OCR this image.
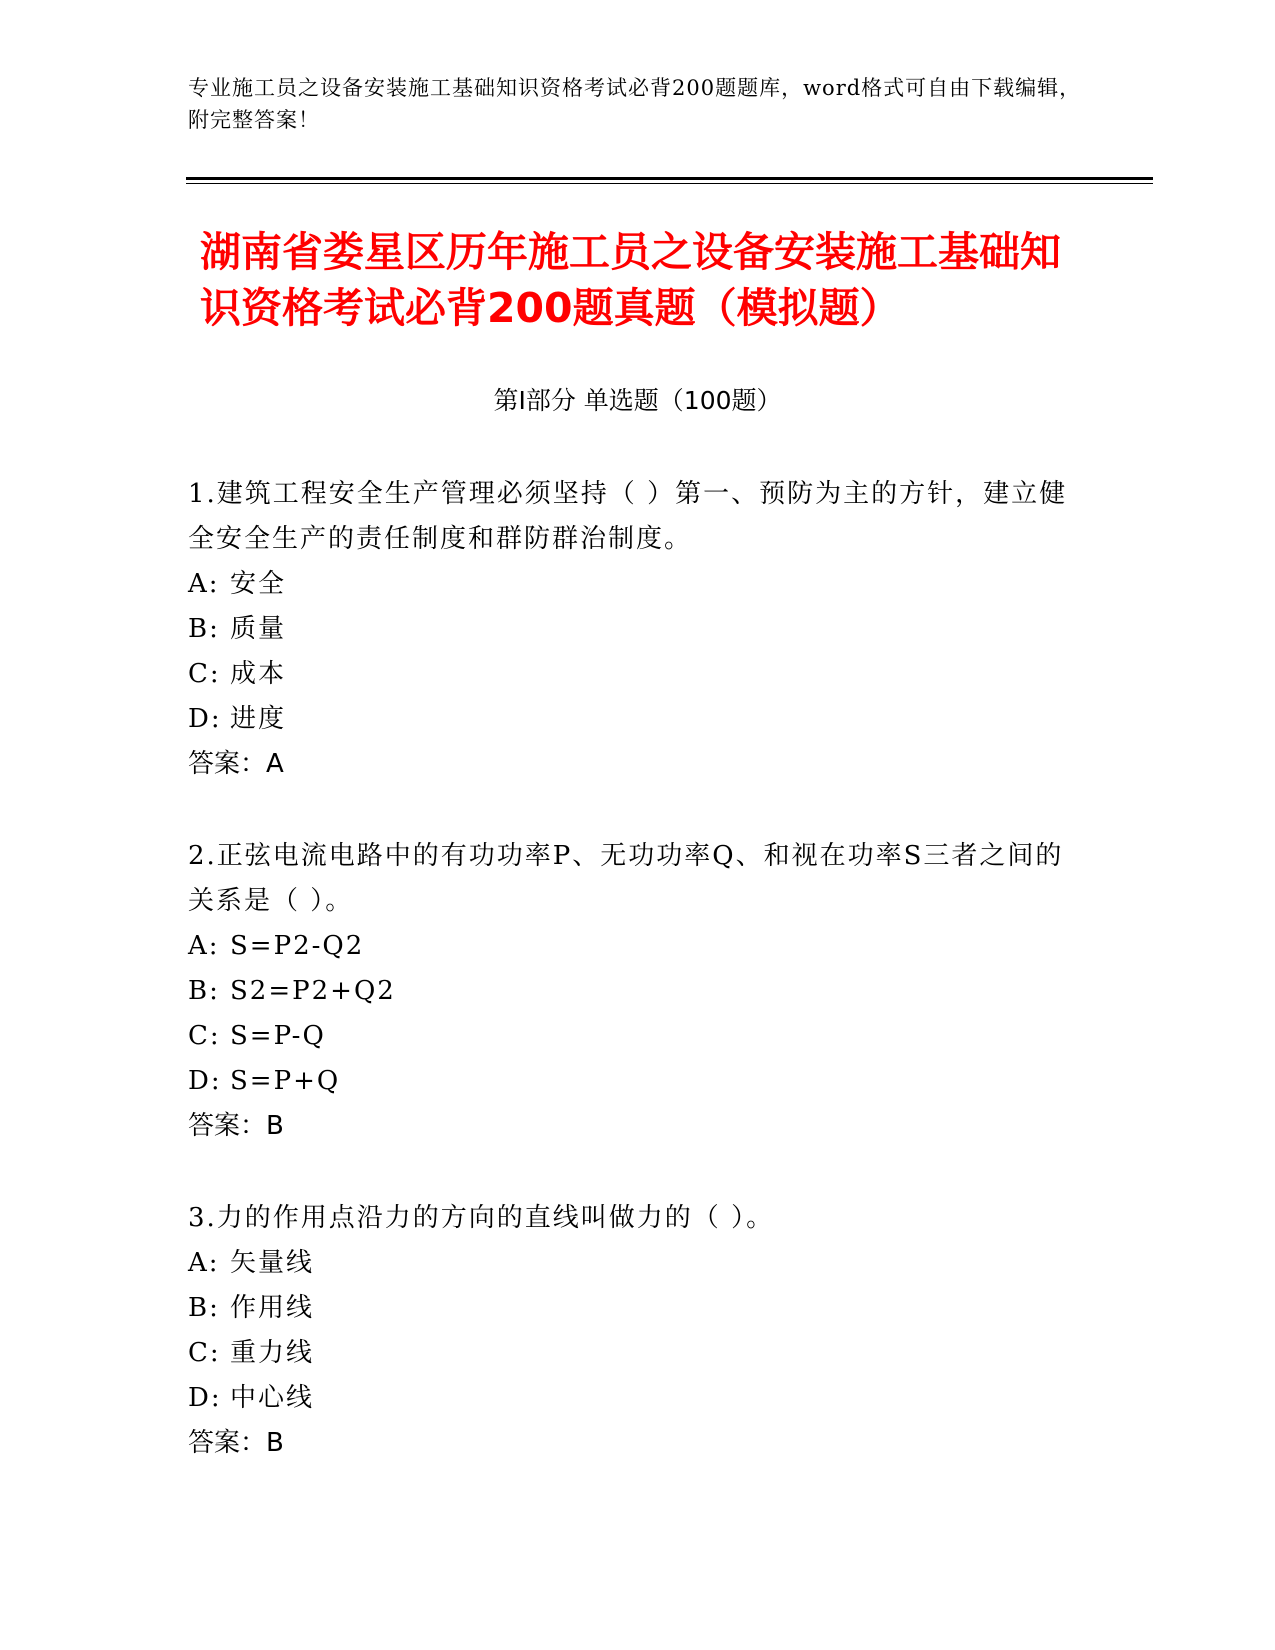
专业施工员之设备安装施工基础知识资格考试必背200题题库，word格式可自由下载编辑，附完整答案！
湖南省娄星区历年施工员之设备安装施工基础知识资格考试必背200题真题（模拟题）
第I部分 单选题（100题）
1.建筑工程安全生产管理必须坚持（ ）第一、预防为主的方针，建立健全安全生产的责任制度和群防群治制度。
A: 安全
B: 质量
C: 成本
D: 进度
答案：A
2.正弦电流电路中的有功功率P、无功功率Q、和视在功率S三者之间的关系是（ ）。
A: S=P2-Q2
B: S2=P2+Q2
C: S=P-Q
D: S=P+Q
答案：B
3.力的作用点沿力的方向的直线叫做力的（ ）。
A: 矢量线
B: 作用线
C: 重力线
D: 中心线
答案：B
